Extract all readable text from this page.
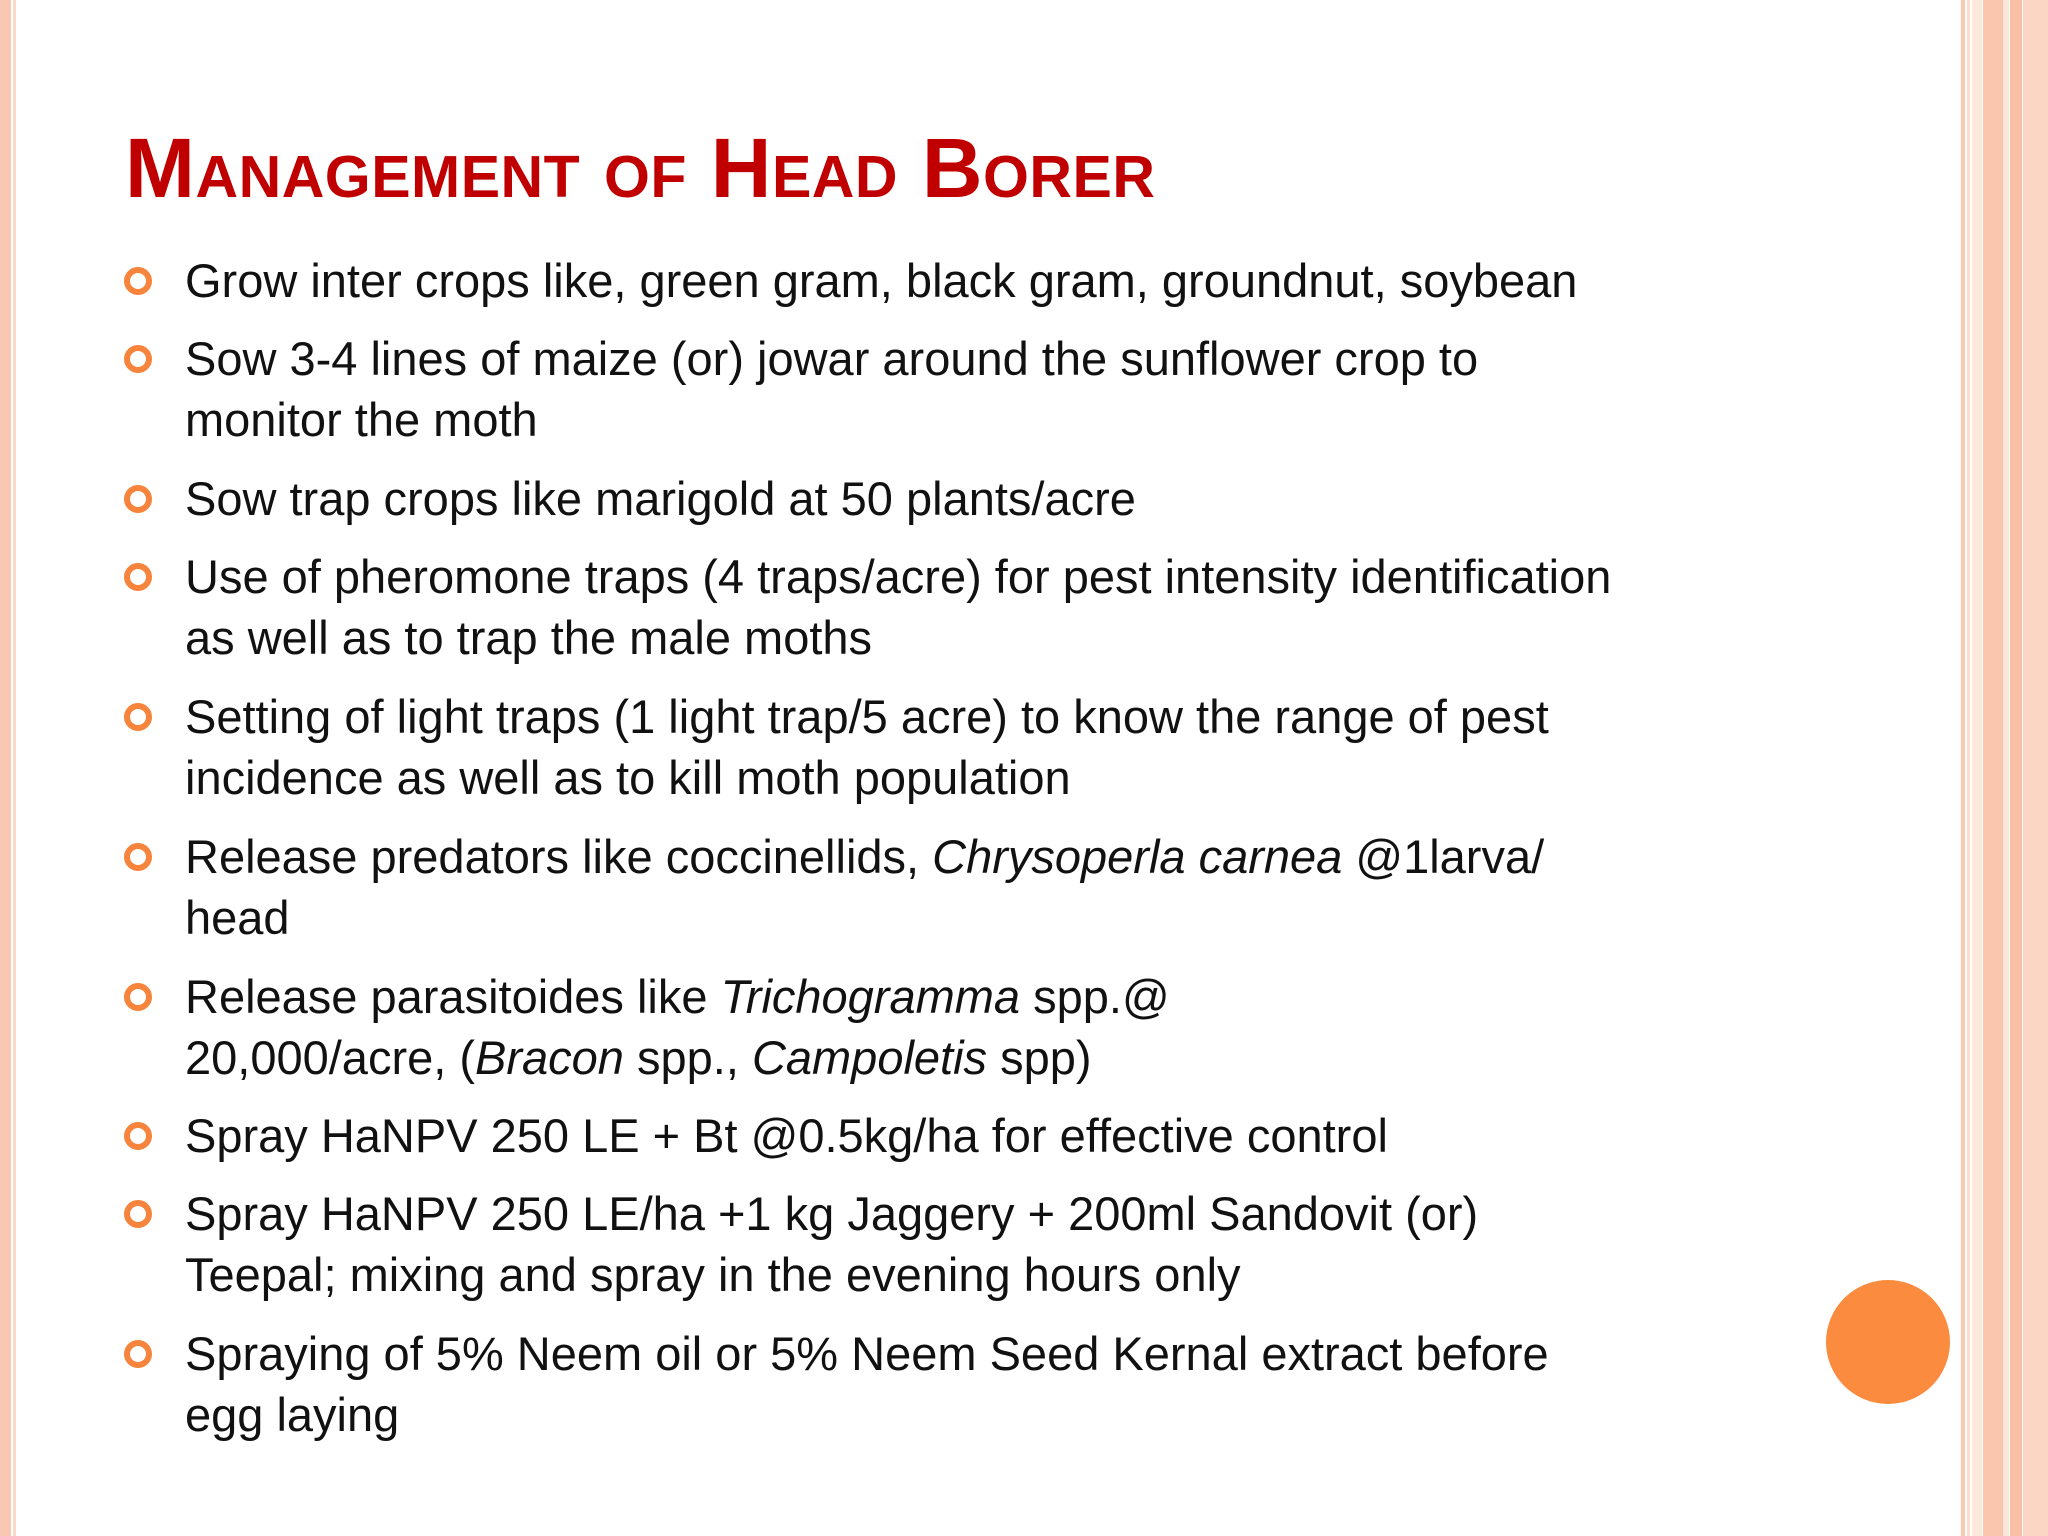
Management of Head Borer
Grow inter crops like, green gram, black gram, groundnut, soybean
Sow 3-4 lines of maize (or) jowar around the sunflower crop to
monitor the moth
Sow trap crops like marigold at 50 plants/acre
Use of pheromone traps (4 traps/acre) for pest intensity identification
as well as to trap the male moths
Setting of light traps (1 light trap/5 acre) to know the range of pest
incidence as well as to kill moth population
Release predators like coccinellids, Chrysoperla carnea @1larva/
head
Release parasitoides like Trichogramma spp.@
20,000/acre, (Bracon spp., Campoletis spp)
Spray HaNPV 250 LE + Bt @0.5kg/ha for effective control
Spray HaNPV 250 LE/ha +1 kg Jaggery + 200ml Sandovit (or)
Teepal; mixing and spray in the evening hours only
Spraying of 5% Neem oil or 5% Neem Seed Kernal extract before
egg laying
